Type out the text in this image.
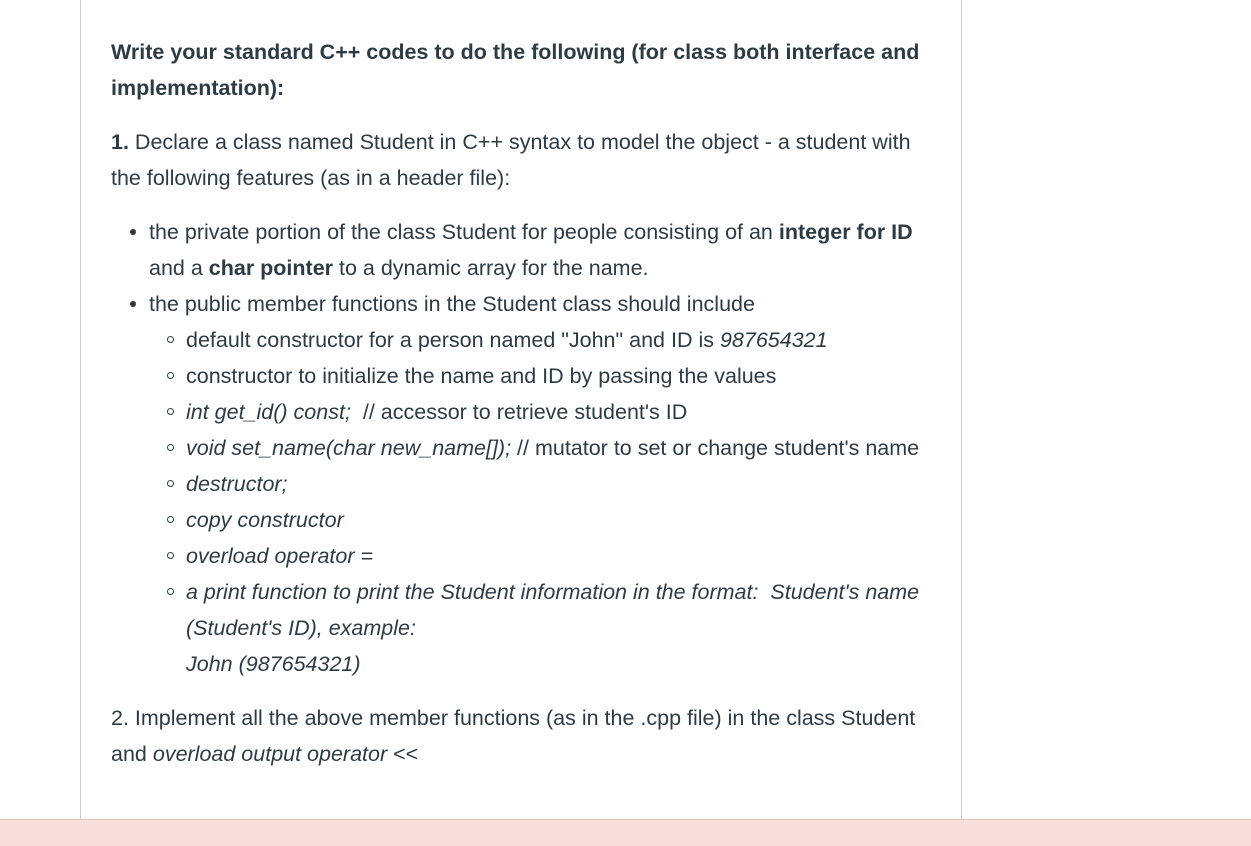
Write your standard C++ codes to do the following (for class both interface and implementation):

1. Declare a class named Student in C++ syntax to model the object - a student with the following features (as in a header file):

the private portion of the class Student for people consisting of an integer for ID and a char pointer to a dynamic array for the name.
the public member functions in the Student class should include
default constructor for a person named "John" and ID is 987654321
constructor to initialize the name and ID by passing the values
int get_id() const;  // accessor to retrieve student's ID
void set_name(char new_name[]); // mutator to set or change student's name
destructor;
copy constructor
overload operator =
a print function to print the Student information in the format:  Student's name (Student's ID), example:
John (987654321)

2. Implement all the above member functions (as in the .cpp file) in the class Student and overload output operator <<
